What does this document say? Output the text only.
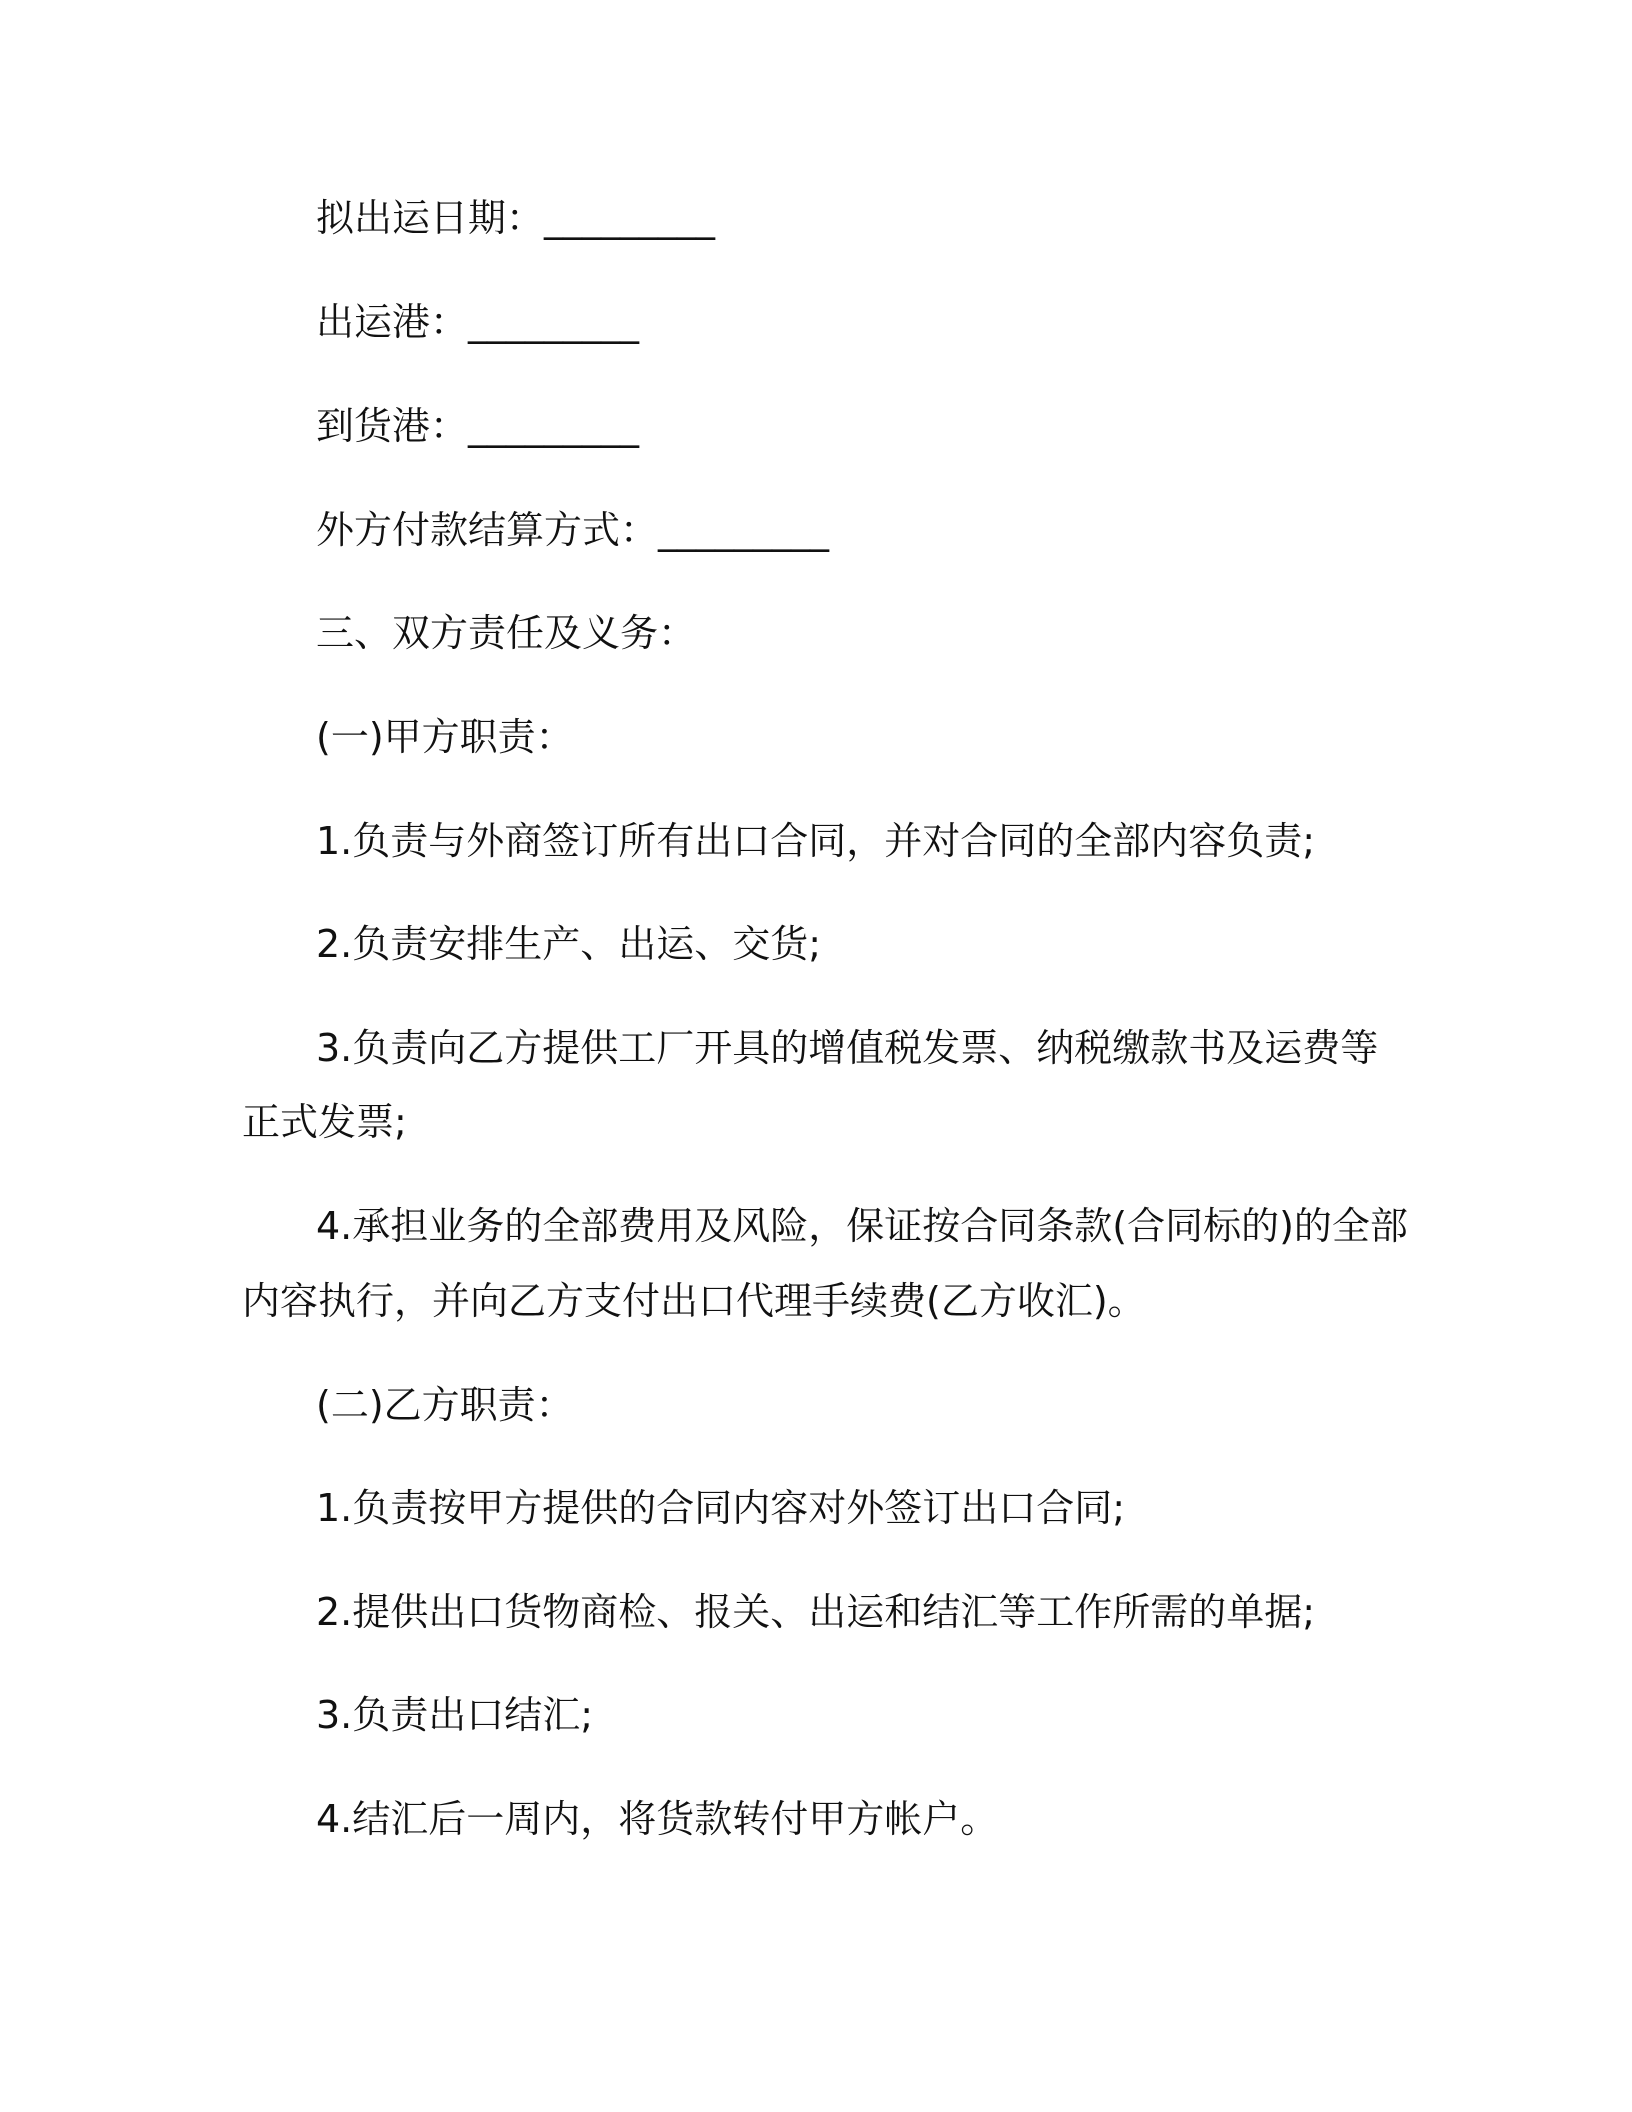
拟出运日期：_________
出运港：_________
到货港：_________
外方付款结算方式：_________
三、双方责任及义务：
(一)甲方职责：
1.负责与外商签订所有出口合同，并对合同的全部内容负责;
2.负责安排生产、出运、交货;
3.负责向乙方提供工厂开具的增值税发票、纳税缴款书及运费等
正式发票;
4.承担业务的全部费用及风险，保证按合同条款(合同标的)的全部
内容执行，并向乙方支付出口代理手续费(乙方收汇)。
(二)乙方职责：
1.负责按甲方提供的合同内容对外签订出口合同;
2.提供出口货物商检、报关、出运和结汇等工作所需的单据;
3.负责出口结汇;
4.结汇后一周内，将货款转付甲方帐户。
